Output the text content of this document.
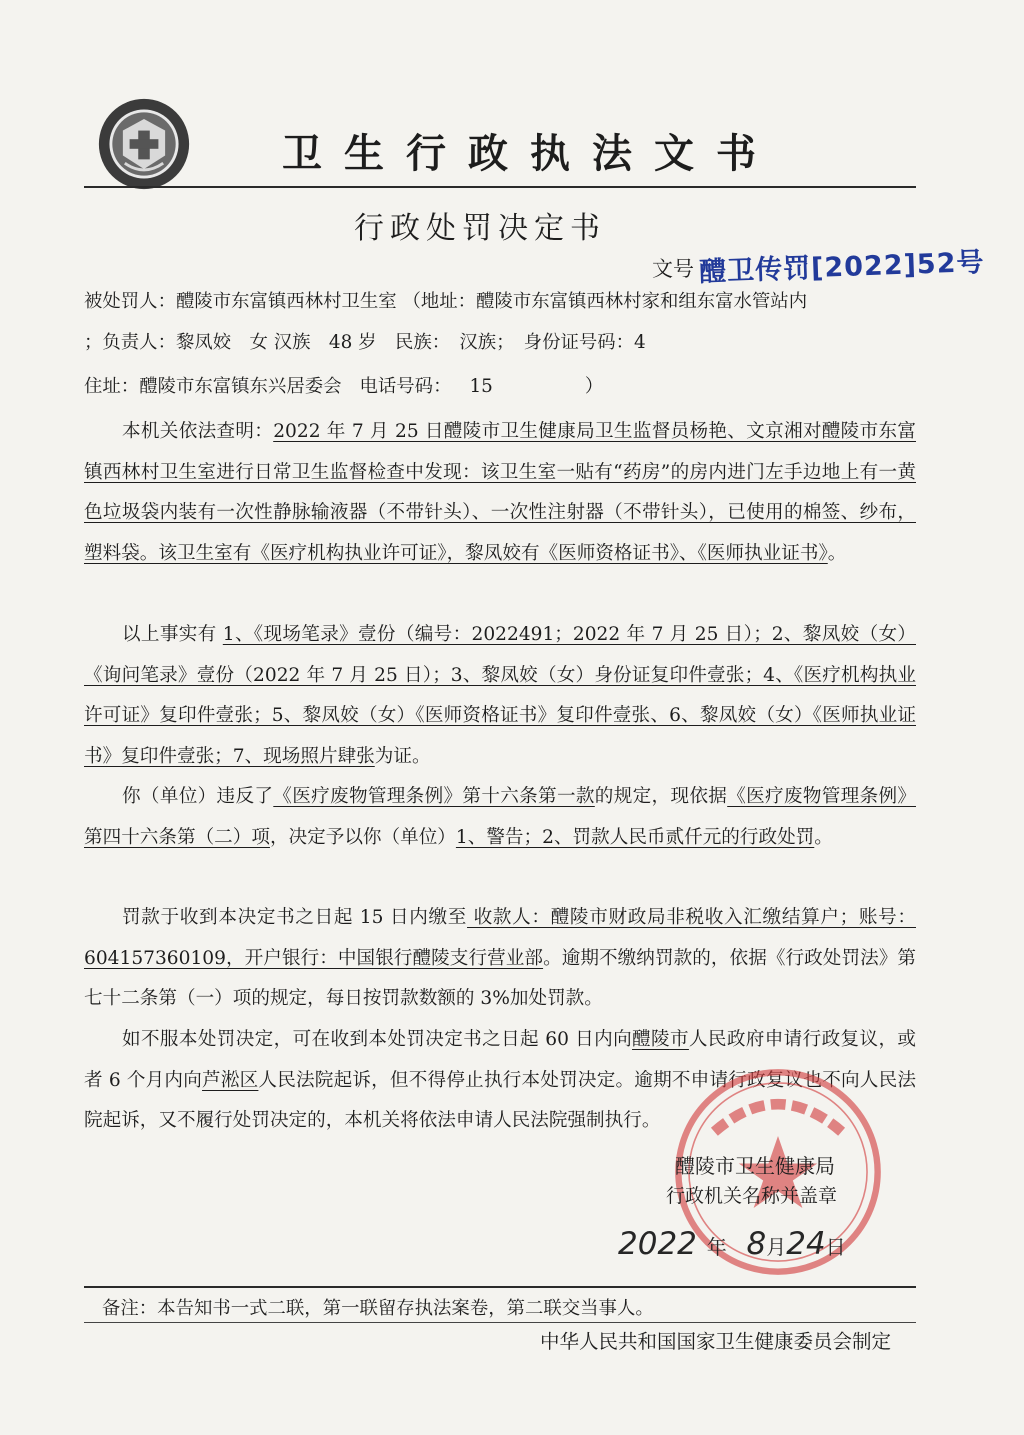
卫生行政执法文书
行政处罚决定书
文号 醴卫传罚[2022]52号
被处罚人：醴陵市东富镇西林村卫生室 （地址：醴陵市东富镇西林村家和组东富水管站内
；负责人：黎凤姣　女 汉族　48 岁　民族：　汉族；　身份证号码：4
住址：醴陵市东富镇东兴居委会 电话号码： 15	）
本机关依法查明：2022 年 7 月 25 日醴陵市卫生健康局卫生监督员杨艳、文京湘对醴陵市东富镇西林村卫生室进行日常卫生监督检查中发现：该卫生室一贴有“药房”的房内进门左手边地上有一黄色垃圾袋内装有一次性静脉输液器（不带针头）、一次性注射器（不带针头），已使用的棉签、纱布，塑料袋。该卫生室有《医疗机构执业许可证》，黎凤姣有《医师资格证书》、《医师执业证书》。
以上事实有 1、《现场笔录》壹份（编号：2022491；2022 年 7 月 25 日）；2、黎凤姣（女）《询问笔录》壹份（2022 年 7 月 25 日）；3、黎凤姣（女）身份证复印件壹张；4、《医疗机构执业许可证》复印件壹张；5、黎凤姣（女）《医师资格证书》复印件壹张、6、黎凤姣（女）《医师执业证书》复印件壹张；7、现场照片肆张为证。
你（单位）违反了《医疗废物管理条例》第十六条第一款的规定，现依据《医疗废物管理条例》第四十六条第（二）项，决定予以你（单位）1、警告；2、罚款人民币贰仟元的行政处罚。
罚款于收到本决定书之日起 15 日内缴至 收款人：醴陵市财政局非税收入汇缴结算户；账号：604157360109，开户银行：中国银行醴陵支行营业部。逾期不缴纳罚款的，依据《行政处罚法》第七十二条第（一）项的规定，每日按罚款数额的 3%加处罚款。
如不服本处罚决定，可在收到本处罚决定书之日起 60 日内向醴陵市人民政府申请行政复议，或者 6 个月内向芦淞区人民法院起诉，但不得停止执行本处罚决定。逾期不申请行政复议也不向人民法院起诉，又不履行处罚决定的，本机关将依法申请人民法院强制执行。
醴陵市卫生健康局
行政机关名称并盖章
2022 年 8月24日
备注：本告知书一式二联，第一联留存执法案卷，第二联交当事人。
中华人民共和国国家卫生健康委员会制定
